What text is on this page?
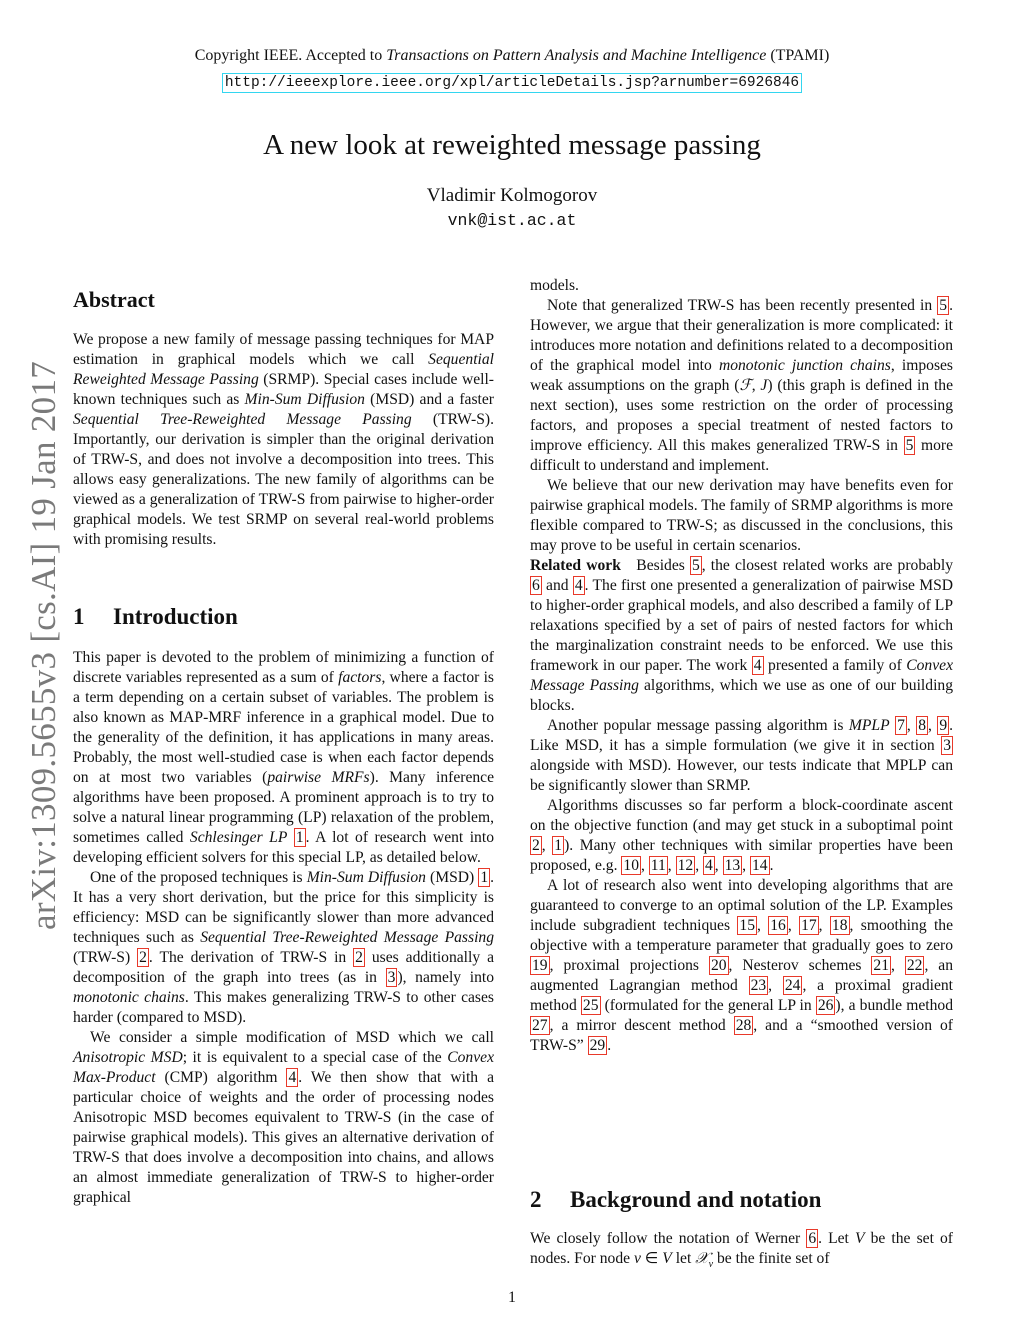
Copyright IEEE. Accepted to Transactions on Pattern Analysis and Machine Intelligence (TPAMI)
http://ieeexplore.ieee.org/xpl/articleDetails.jsp?arnumber=6926846
A new look at reweighted message passing
Vladimir Kolmogorov
vnk@ist.ac.at
arXiv:1309.5655v3 [cs.AI] 19 Jan 2017
Abstract

We propose a new family of message passing techniques for MAP estimation in graphical models which we call Sequential Reweighted Message Passing (SRMP). Special cases include well-known techniques such as Min-Sum Diffusion (MSD) and a faster Sequential Tree-Reweighted Message Passing (TRW-S). Importantly, our derivation is simpler than the original derivation of TRW-S, and does not involve a decomposition into trees. This allows easy generalizations. The new family of algorithms can be viewed as a generalization of TRW-S from pairwise to higher-order graphical models. We test SRMP on several real-world problems with promising results.

1 Introduction

This paper is devoted to the problem of minimizing a function of discrete variables represented as a sum of factors, where a factor is a term depending on a certain subset of variables. The problem is also known as MAP-MRF inference in a graphical model. Due to the generality of the definition, it has applications in many areas. Probably, the most well-studied case is when each factor depends on at most two variables (pairwise MRFs). Many inference algorithms have been proposed. A prominent approach is to try to solve a natural linear programming (LP) relaxation of the problem, sometimes called Schlesinger LP 1 . A lot of research went into developing efficient solvers for this special LP, as detailed below.

One of the proposed techniques is Min-Sum Diffusion (MSD) 1 . It has a very short derivation, but the price for this simplicity is efficiency: MSD can be significantly slower than more advanced techniques such as Sequential Tree-Reweighted Message Passing (TRW-S) 2 . The derivation of TRW-S in 2 uses additionally a decomposition of the graph into trees (as in 3 ), namely into monotonic chains. This makes generalizing TRW-S to other cases harder (compared to MSD).

We consider a simple modification of MSD which we call Anisotropic MSD; it is equivalent to a special case of the Convex Max-Product (CMP) algorithm 4 . We then show that with a particular choice of weights and the order of processing nodes Anisotropic MSD becomes equivalent to TRW-S (in the case of pairwise graphical models). This gives an alternative derivation of TRW-S that does involve a decomposition into chains, and allows an almost immediate generalization of TRW-S to higher-order graphical

models.

Note that generalized TRW-S has been recently presented in 5 . However, we argue that their generalization is more complicated: it introduces more notation and definitions related to a decomposition of the graphical model into monotonic junction chains, imposes weak assumptions on the graph (ℱ, J) (this graph is defined in the next section), uses some restriction on the order of processing factors, and proposes a special treatment of nested factors to improve efficiency. All this makes generalized TRW-S in 5 more difficult to understand and implement.

We believe that our new derivation may have benefits even for pairwise graphical models. The family of SRMP algorithms is more flexible compared to TRW-S; as discussed in the conclusions, this may prove to be useful in certain scenarios.

Related work   Besides 5 , the closest related works are probably 6 and 4 . The first one presented a generalization of pairwise MSD to higher-order graphical models, and also described a family of LP relaxations specified by a set of pairs of nested factors for which the marginalization constraint needs to be enforced. We use this framework in our paper. The work 4 presented a family of Convex Message Passing algorithms, which we use as one of our building blocks.

Another popular message passing algorithm is MPLP 7 , 8 , 9 . Like MSD, it has a simple formulation (we give it in section 3 alongside with MSD). However, our tests indicate that MPLP can be significantly slower than SRMP.

Algorithms discusses so far perform a block-coordinate ascent on the objective function (and may get stuck in a suboptimal point 2 , 1 ). Many other techniques with similar properties have been proposed, e.g. 10 , 11 , 12 , 4 , 13 , 14 .

A lot of research also went into developing algorithms that are guaranteed to converge to an optimal solution of the LP. Examples include subgradient techniques 15 , 16 , 17 , 18 , smoothing the objective with a temperature parameter that gradually goes to zero 19 , proximal projections 20 , Nesterov schemes 21 , 22 , an augmented Lagrangian method 23 , 24 , a proximal gradient method 25 (formulated for the general LP in 26 ), a bundle method 27 , a mirror descent method 28 , and a “smoothed version of TRW-S” 29 .

2 Background and notation

We closely follow the notation of Werner 6 . Let V be the set of nodes. For node v ∈ V let 𝒳$_v$ be the finite set of

1
